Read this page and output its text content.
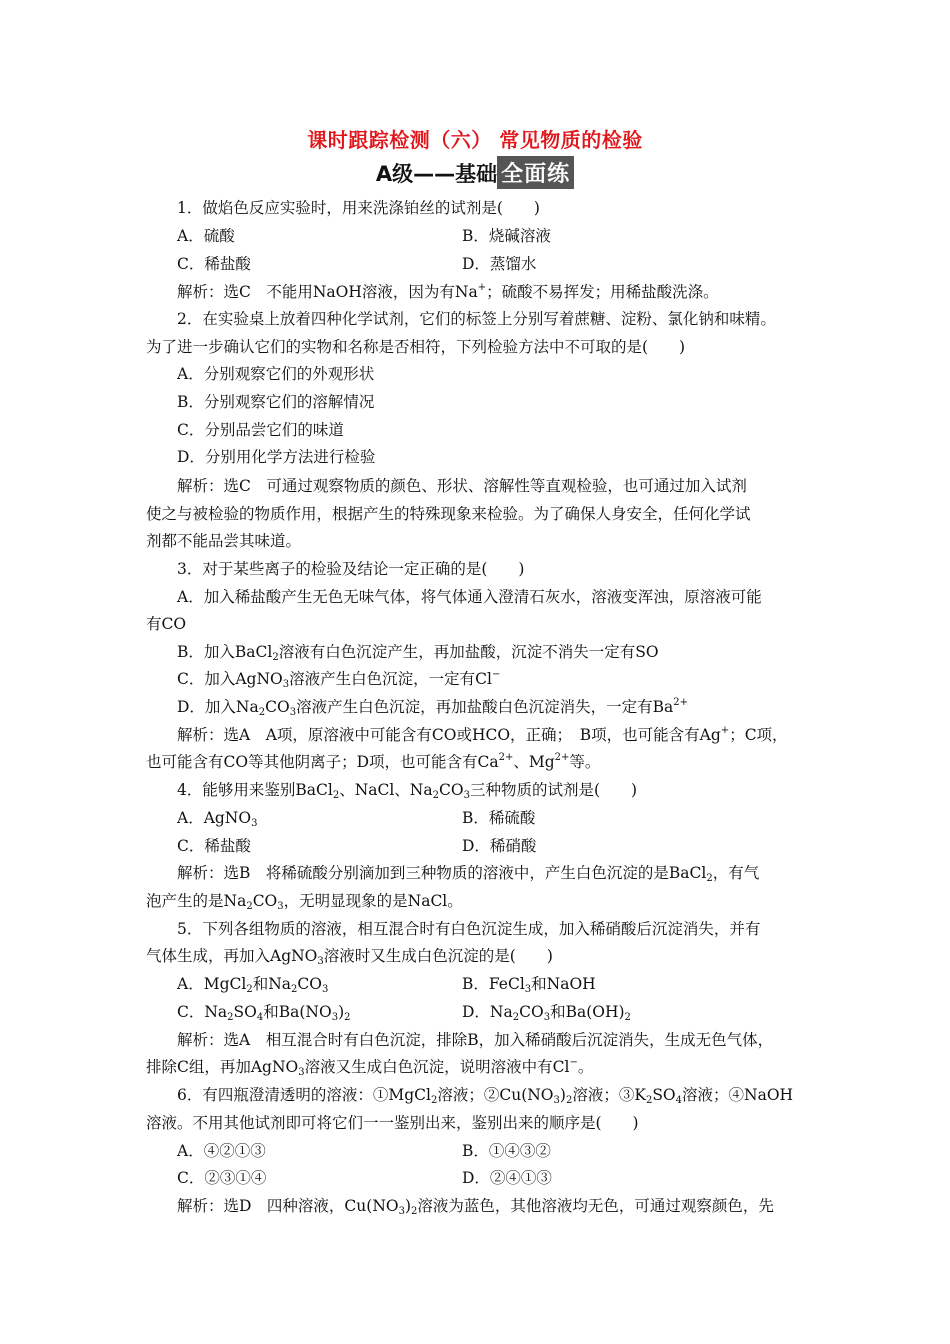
课时跟踪检测（六） 常见物质的检验
A级——基础 全面练
1．做焰色反应实验时，用来洗涤铂丝的试剂是(　　)
A．硫酸	B．烧碱溶液
C．稀盐酸	D．蒸馏水
解析：选C　不能用NaOH溶液，因为有Na+；硫酸不易挥发；用稀盐酸洗涤。
2．在实验桌上放着四种化学试剂，它们的标签上分别写着蔗糖、淀粉、氯化钠和味精。
为了进一步确认它们的实物和名称是否相符，下列检验方法中不可取的是(　　)
A．分别观察它们的外观形状
B．分别观察它们的溶解情况
C．分别品尝它们的味道
D．分别用化学方法进行检验
解析：选C　可通过观察物质的颜色、形状、溶解性等直观检验，也可通过加入试剂
使之与被检验的物质作用，根据产生的特殊现象来检验。为了确保人身安全，任何化学试
剂都不能品尝其味道。
3．对于某些离子的检验及结论一定正确的是(　　)
A．加入稀盐酸产生无色无味气体，将气体通入澄清石灰水，溶液变浑浊，原溶液可能
有CO
B．加入BaCl$_2$溶液有白色沉淀产生，再加盐酸，沉淀不消失一定有SO
C．加入AgNO$_3$溶液产生白色沉淀，一定有Cl−
D．加入$Na_2CO_3$溶液产生白色沉淀，再加盐酸白色沉淀消失，一定有$Ba^{2+}$
解析：选A　A项，原溶液中可能含有CO或HCO，正确；　B项，也可能含有Ag+；C项，
也可能含有CO等其他阴离子；D项，也可能含有$Ca^{2+}$、$Mg^{2+}$等。
4．能够用来鉴别BaCl$_2$、NaCl、$Na_2CO_3$三种物质的试剂是(　　)
A．AgNO$_3$	B．稀硫酸
C．稀盐酸	D．稀硝酸
解析：选B　将稀硫酸分别滴加到三种物质的溶液中，产生白色沉淀的是BaCl$_2$，有气
泡产生的是$Na_2CO_3$，无明显现象的是NaCl。
5．下列各组物质的溶液，相互混合时有白色沉淀生成，加入稀硝酸后沉淀消失，并有
气体生成，再加入AgNO$_3$溶液时又生成白色沉淀的是(　　)
A．MgCl$_2$和$Na_2CO_3$	B．FeCl$_3$和NaOH
C．$Na_2SO_4$和$Ba(NO_3)_2$	D．$Na_2CO_3$和$Ba(OH)_2$
解析：选A　相互混合时有白色沉淀，排除B，加入稀硝酸后沉淀消失，生成无色气体，
排除C组，再加AgNO$_3$溶液又生成白色沉淀，说明溶液中有Cl−。
6．有四瓶澄清透明的溶液：①MgCl$_2$溶液；$②Cu(NO_3)_2$溶液；$③K_2SO_4$溶液；④NaOH
溶液。不用其他试剂即可将它们一一鉴别出来，鉴别出来的顺序是(　　)
A．④②①③	B．①④③②
C．②③①④	D．②④①③
解析：选D　四种溶液，$Cu(NO_3)_2$溶液为蓝色，其他溶液均无色，可通过观察颜色，先
